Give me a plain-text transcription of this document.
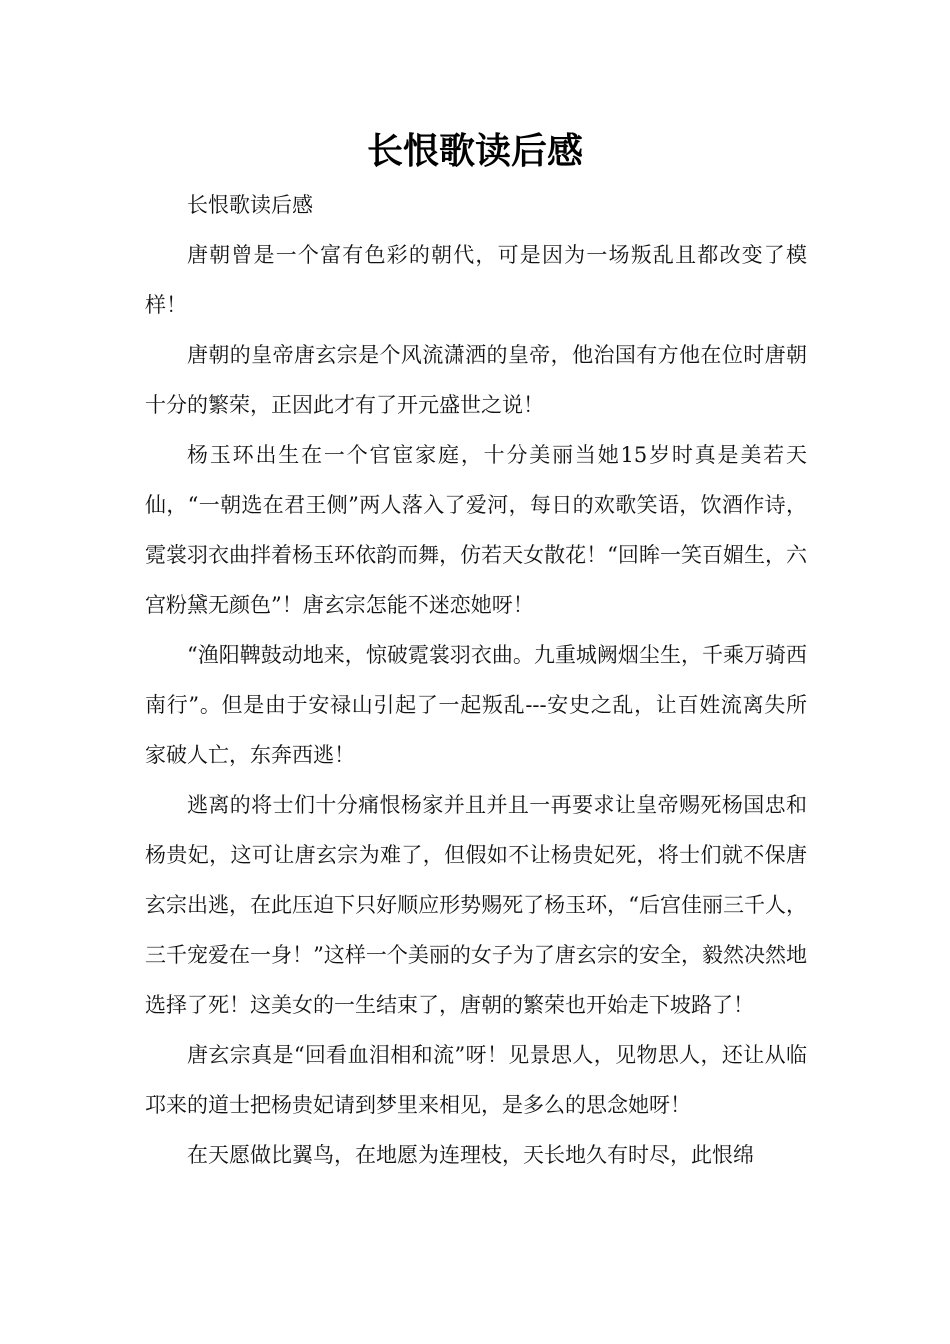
长恨歌读后感

长恨歌读后感

唐朝曾是一个富有色彩的朝代，可是因为一场叛乱且都改变了模样！

唐朝的皇帝唐玄宗是个风流潇洒的皇帝，他治国有方他在位时唐朝十分的繁荣，正因此才有了开元盛世之说！

杨玉环出生在一个官宦家庭，十分美丽当她15岁时真是美若天仙，“一朝选在君王侧”两人落入了爱河，每日的欢歌笑语，饮酒作诗，霓裳羽衣曲拌着杨玉环依韵而舞，仿若天女散花！“回眸一笑百媚生，六宫粉黛无颜色”！唐玄宗怎能不迷恋她呀！

“渔阳鞞鼓动地来，惊破霓裳羽衣曲。九重城阙烟尘生，千乘万骑西南行”。但是由于安禄山引起了一起叛乱---安史之乱，让百姓流离失所家破人亡，东奔西逃！

逃离的将士们十分痛恨杨家并且并且一再要求让皇帝赐死杨国忠和杨贵妃，这可让唐玄宗为难了，但假如不让杨贵妃死，将士们就不保唐玄宗出逃，在此压迫下只好顺应形势赐死了杨玉环，“后宫佳丽三千人，三千宠爱在一身！”这样一个美丽的女子为了唐玄宗的安全，毅然决然地选择了死！这美女的一生结束了，唐朝的繁荣也开始走下坡路了！

唐玄宗真是“回看血泪相和流”呀！见景思人，见物思人，还让从临邛来的道士把杨贵妃请到梦里来相见，是多么的思念她呀！

在天愿做比翼鸟，在地愿为连理枝，天长地久有时尽，此恨绵
